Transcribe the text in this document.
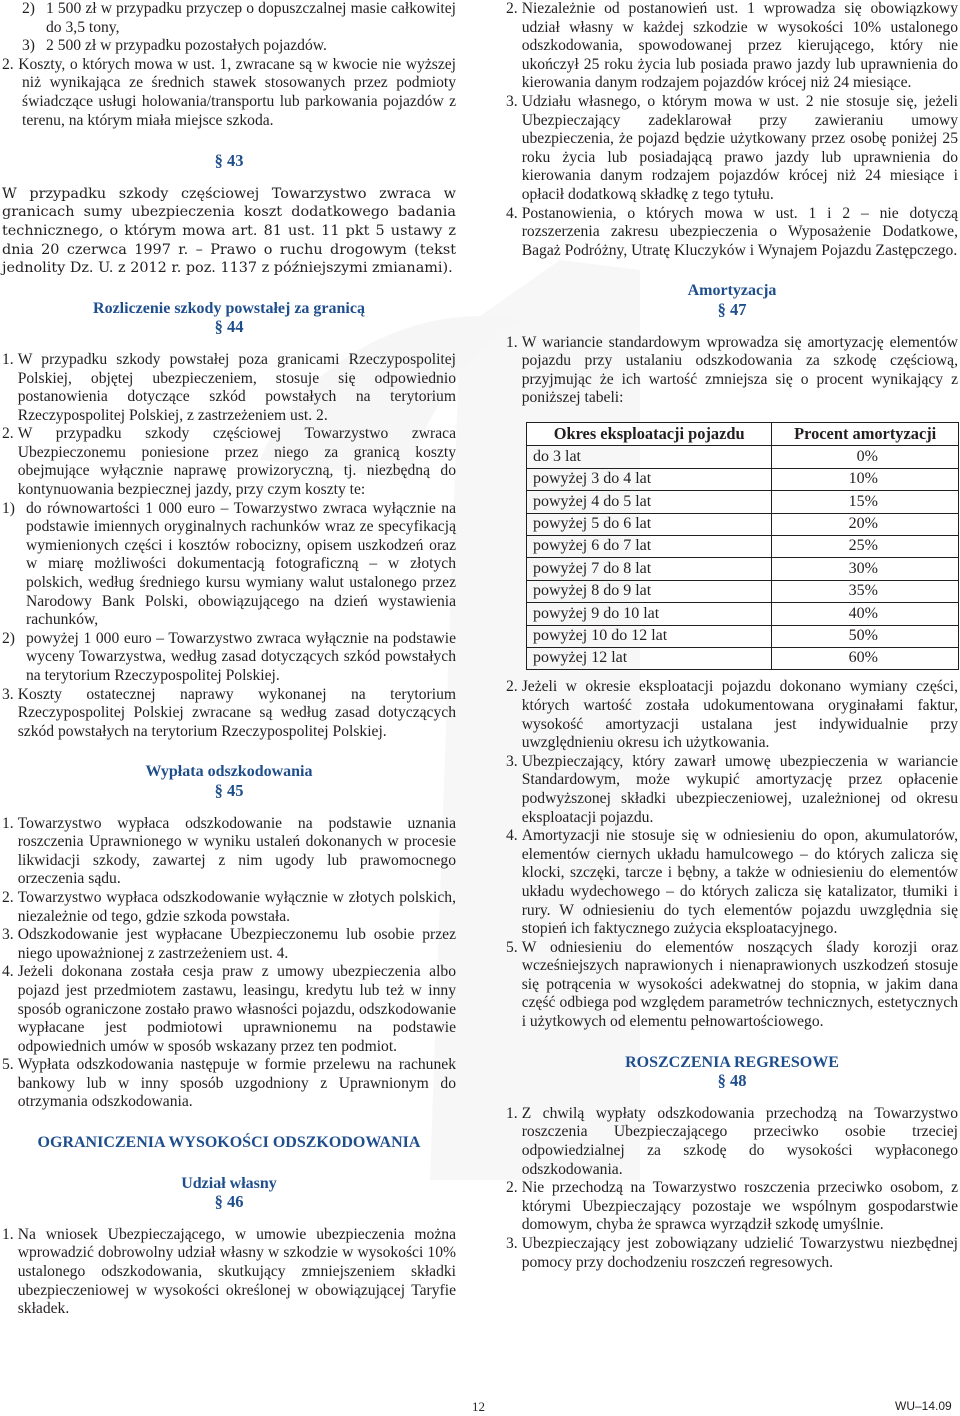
2) 1 500 zł w przypadku przyczep o dopuszczalnej masie całkowitej do 3,5 tony,
3) 2 500 zł w przypadku pozostałych pojazdów.
2. Koszty, o których mowa w ust. 1, zwracane są w kwocie nie wyższej niż wynikająca ze średnich stawek stosowanych przez podmioty świadczące usługi holowania/transportu lub parkowania pojazdów z terenu, na którym miała miejsce szkoda.
§ 43
W przypadku szkody częściowej Towarzystwo zwraca w granicach sumy ubezpieczenia koszt dodatkowego badania technicznego, o którym mowa art. 81 ust. 11 pkt 5 ustawy z dnia 20 czerwca 1997 r. – Prawo o ruchu drogowym (tekst jednolity Dz. U. z 2012 r. poz. 1137 z późniejszymi zmianami).
Rozliczenie szkody powstałej za granicą
§ 44
1. W przypadku szkody powstałej poza granicami Rzeczypospolitej Polskiej, objętej ubezpieczeniem, stosuje się odpowiednio postanowienia dotyczące szkód powstałych na terytorium Rzeczypospolitej Polskiej, z zastrzeżeniem ust. 2.
2. W przypadku szkody częściowej Towarzystwo zwraca Ubezpieczonemu poniesione przez niego za granicą koszty obejmujące wyłącznie naprawę prowizoryczną, tj. niezbędną do kontynuowania bezpiecznej jazdy, przy czym koszty te:
1) do równowartości 1 000 euro – Towarzystwo zwraca wyłącznie na podstawie imiennych oryginalnych rachunków wraz ze specyfikacją wymienionych części i kosztów robocizny, opisem uszkodzeń oraz w miarę możliwości dokumentacją fotograficzną – w złotych polskich, według średniego kursu wymiany walut ustalonego przez Narodowy Bank Polski, obowiązującego na dzień wystawienia rachunków,
2) powyżej 1 000 euro – Towarzystwo zwraca wyłącznie na podstawie wyceny Towarzystwa, według zasad dotyczących szkód powstałych na terytorium Rzeczypospolitej Polskiej.
3. Koszty ostatecznej naprawy wykonanej na terytorium Rzeczypospolitej Polskiej zwracane są według zasad dotyczących szkód powstałych na terytorium Rzeczypospolitej Polskiej.
Wypłata odszkodowania
§ 45
1. Towarzystwo wypłaca odszkodowanie na podstawie uznania roszczenia Uprawnionego w wyniku ustaleń dokonanych w procesie likwidacji szkody, zawartej z nim ugody lub prawomocnego orzeczenia sądu.
2. Towarzystwo wypłaca odszkodowanie wyłącznie w złotych polskich, niezależnie od tego, gdzie szkoda powstała.
3. Odszkodowanie jest wypłacane Ubezpieczonemu lub osobie przez niego upoważnionej z zastrzeżeniem ust. 4.
4. Jeżeli dokonana została cesja praw z umowy ubezpieczenia albo pojazd jest przedmiotem zastawu, leasingu, kredytu lub też w inny sposób ograniczone zostało prawo własności pojazdu, odszkodowanie wypłacane jest podmiotowi uprawnionemu na podstawie odpowiednich umów w sposób wskazany przez ten podmiot.
5. Wypłata odszkodowania następuje w formie przelewu na rachunek bankowy lub w inny sposób uzgodniony z Uprawnionym do otrzymania odszkodowania.
OGRANICZENIA WYSOKOŚCI ODSZKODOWANIA
Udział własny
§ 46
1. Na wniosek Ubezpieczającego, w umowie ubezpieczenia można wprowadzić dobrowolny udział własny w szkodzie w wysokości 10% ustalonego odszkodowania, skutkujący zmniejszeniem składki ubezpieczeniowej w wysokości określonej w obowiązującej Taryfie składek.
2. Niezależnie od postanowień ust. 1 wprowadza się obowiązkowy udział własny w każdej szkodzie w wysokości 10% ustalonego odszkodowania, spowodowanej przez kierującego, który nie ukończył 25 roku życia lub posiada prawo jazdy lub uprawnienia do kierowania danym rodzajem pojazdów krócej niż 24 miesiące.
3. Udziału własnego, o którym mowa w ust. 2 nie stosuje się, jeżeli Ubezpieczający zadeklarował przy zawieraniu umowy ubezpieczenia, że pojazd będzie użytkowany przez osobę poniżej 25 roku życia lub posiadającą prawo jazdy lub uprawnienia do kierowania danym rodzajem pojazdów krócej niż 24 miesiące i opłacił dodatkową składkę z tego tytułu.
4. Postanowienia, o których mowa w ust. 1 i 2 – nie dotyczą rozszerzenia zakresu ubezpieczenia o Wyposażenie Dodatkowe, Bagaż Podróżny, Utratę Kluczyków i Wynajem Pojazdu Zastępczego.
Amortyzacja
§ 47
1. W wariancie standardowym wprowadza się amortyzację elementów pojazdu przy ustalaniu odszkodowania za szkodę częściową, przyjmując że ich wartość zmniejsza się o procent wynikający z poniższej tabeli:
Okres eksploatacji pojazdu	Procent amortyzacji
do 3 lat	0%
powyżej 3 do 4 lat	10%
powyżej 4 do 5 lat	15%
powyżej 5 do 6 lat	20%
powyżej 6 do 7 lat	25%
powyżej 7 do 8 lat	30%
powyżej 8 do 9 lat	35%
powyżej 9 do 10 lat	40%
powyżej 10 do 12 lat	50%
powyżej 12 lat	60%
2. Jeżeli w okresie eksploatacji pojazdu dokonano wymiany części, których wartość została udokumentowana oryginałami faktur, wysokość amortyzacji ustalana jest indywidualnie przy uwzględnieniu okresu ich użytkowania.
3. Ubezpieczający, który zawarł umowę ubezpieczenia w wariancie Standardowym, może wykupić amortyzację przez opłacenie podwyższonej składki ubezpieczeniowej, uzależnionej od okresu eksploatacji pojazdu.
4. Amortyzacji nie stosuje się w odniesieniu do opon, akumulatorów, elementów ciernych układu hamulcowego – do których zalicza się klocki, szczęki, tarcze i bębny, a także w odniesieniu do elementów układu wydechowego – do których zalicza się katalizator, tłumiki i rury. W odniesieniu do tych elementów pojazdu uwzględnia się stopień ich faktycznego zużycia eksploatacyjnego.
5. W odniesieniu do elementów noszących ślady korozji oraz wcześniejszych naprawionych i nienaprawionych uszkodzeń stosuje się potrącenia w wysokości adekwatnej do stopnia, w jakim dana część odbiega pod względem parametrów technicznych, estetycznych i użytkowych od elementu pełnowartościowego.
ROSZCZENIA REGRESOWE
§ 48
1. Z chwilą wypłaty odszkodowania przechodzą na Towarzystwo roszczenia Ubezpieczającego przeciwko osobie trzeciej odpowiedzialnej za szkodę do wysokości wypłaconego odszkodowania.
2. Nie przechodzą na Towarzystwo roszczenia przeciwko osobom, z którymi Ubezpieczający pozostaje we wspólnym gospodarstwie domowym, chyba że sprawca wyrządził szkodę umyślnie.
3. Ubezpieczający jest zobowiązany udzielić Towarzystwu niezbędnej pomocy przy dochodzeniu roszczeń regresowych.
12	WU–14.09
